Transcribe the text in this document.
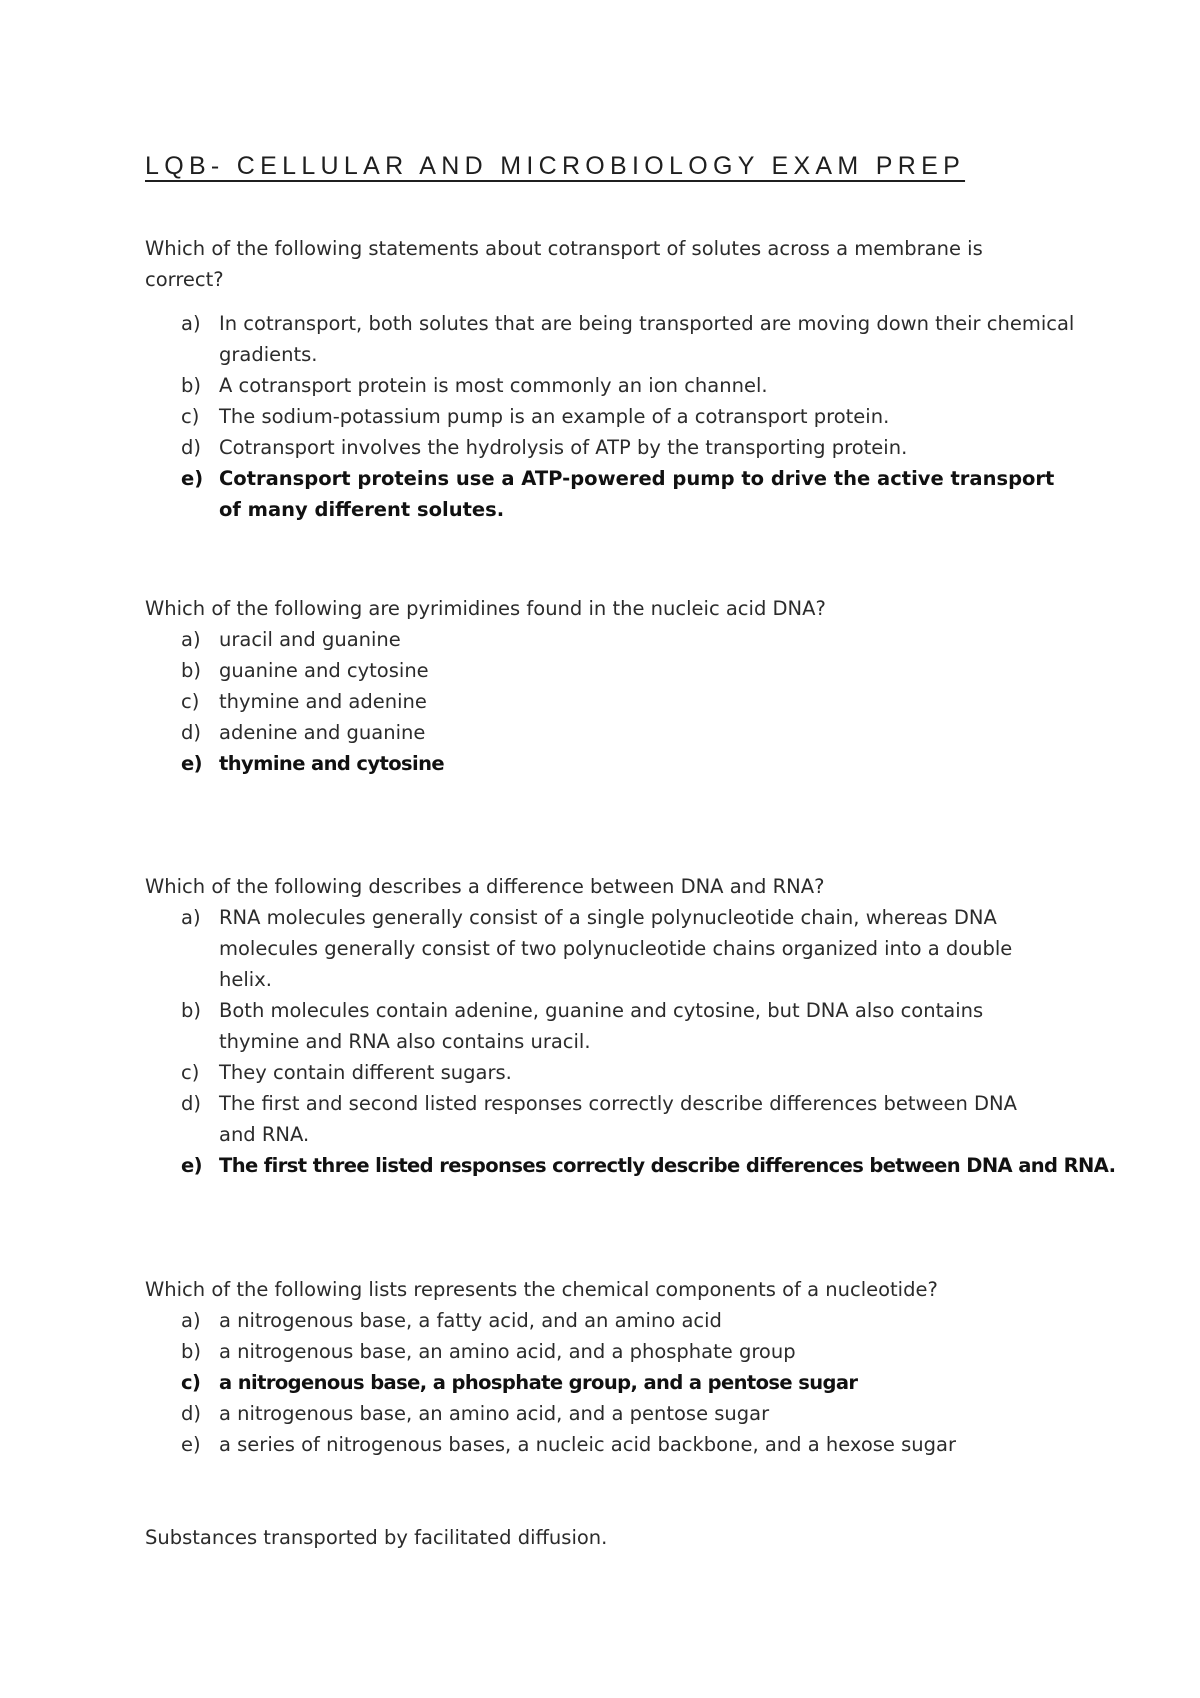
LQB- CELLULAR AND MICROBIOLOGY EXAM PREP

Which of the following statements about cotransport of solutes across a membrane is correct?

a) In cotransport, both solutes that are being transported are moving down their chemical gradients.
b) A cotransport protein is most commonly an ion channel.
c) The sodium-potassium pump is an example of a cotransport protein.
d) Cotransport involves the hydrolysis of ATP by the transporting protein.
e) Cotransport proteins use a ATP-powered pump to drive the active transport of many different solutes.

Which of the following are pyrimidines found in the nucleic acid DNA?

a) uracil and guanine
b) guanine and cytosine
c) thymine and adenine
d) adenine and guanine
e) thymine and cytosine

Which of the following describes a difference between DNA and RNA?

a) RNA molecules generally consist of a single polynucleotide chain, whereas DNA molecules generally consist of two polynucleotide chains organized into a double helix.
b) Both molecules contain adenine, guanine and cytosine, but DNA also contains thymine and RNA also contains uracil.
c) They contain different sugars.
d) The first and second listed responses correctly describe differences between DNA and RNA.
e) The first three listed responses correctly describe differences between DNA and RNA.

Which of the following lists represents the chemical components of a nucleotide?

a) a nitrogenous base, a fatty acid, and an amino acid
b) a nitrogenous base, an amino acid, and a phosphate group
c) a nitrogenous base, a phosphate group, and a pentose sugar
d) a nitrogenous base, an amino acid, and a pentose sugar
e) a series of nitrogenous bases, a nucleic acid backbone, and a hexose sugar

Substances transported by facilitated diffusion.
